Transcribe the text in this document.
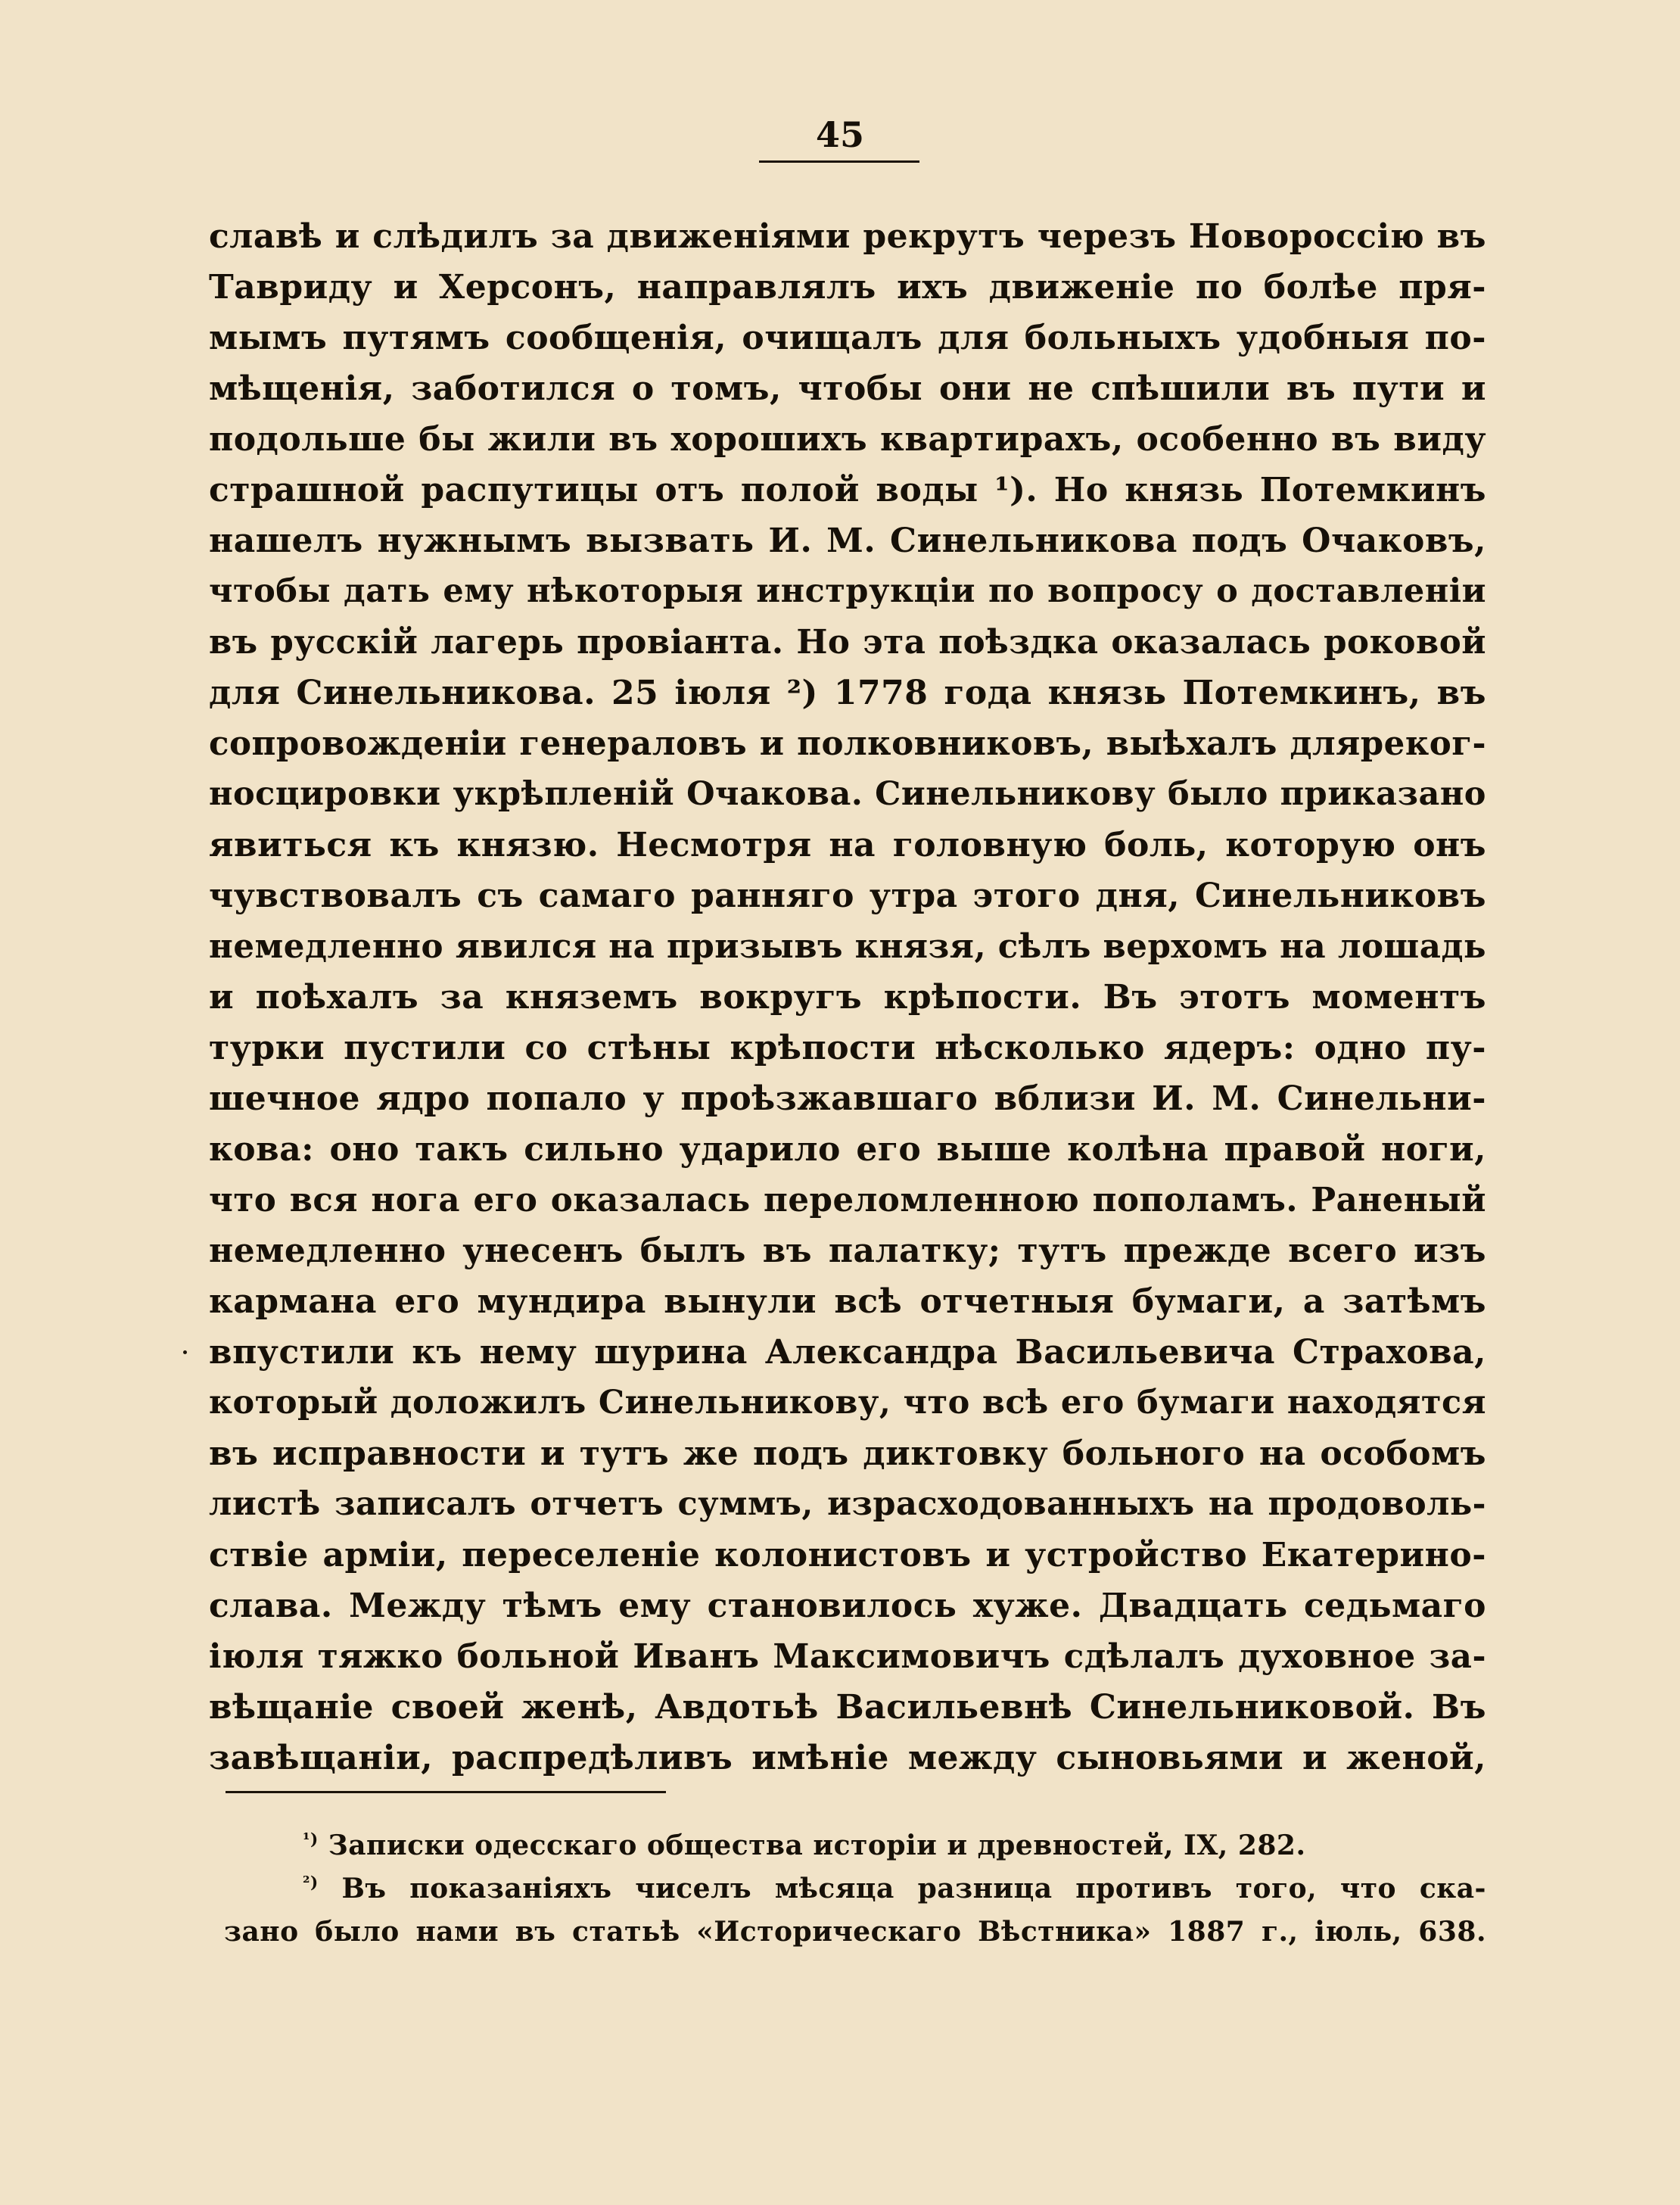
45
славѣ и слѣдилъ за движеніями рекрутъ черезъ Новороссію въ
Тавриду и Херсонъ, направлялъ ихъ движеніе по болѣе пря-
мымъ путямъ сообщенія, очищалъ для больныхъ удобныя по-
мѣщенія, заботился о томъ, чтобы они не спѣшили въ пути и
подольше бы жили въ хорошихъ квартирахъ, особенно въ виду
страшной распутицы отъ полой воды ¹). Но князь Потемкинъ
нашелъ нужнымъ вызвать И. М. Синельникова подъ Очаковъ,
чтобы дать ему нѣкоторыя инструкціи по вопросу о доставленіи
въ русскій лагерь провіанта. Но эта поѣздка оказалась роковой
для Синельникова. 25 іюля ²) 1778 года князь Потемкинъ, въ
сопровожденіи генераловъ и полковниковъ, выѣхалъ дляреког-
носцировки укрѣпленій Очакова. Синельникову было приказано
явиться къ князю. Несмотря на головную боль, которую онъ
чувствовалъ съ самаго ранняго утра этого дня, Синельниковъ
немедленно явился на призывъ князя, сѣлъ верхомъ на лошадь
и поѣхалъ за княземъ вокругъ крѣпости. Въ этотъ моментъ
турки пустили со стѣны крѣпости нѣсколько ядеръ: одно пу-
шечное ядро попало у проѣзжавшаго вблизи И. М. Синельни-
кова: оно такъ сильно ударило его выше колѣна правой ноги,
что вся нога его оказалась переломленною пополамъ. Раненый
немедленно унесенъ былъ въ палатку; тутъ прежде всего изъ
кармана его мундира вынули всѣ отчетныя бумаги, а затѣмъ
впустили къ нему шурина Александра Васильевича Страхова,
который доложилъ Синельникову, что всѣ его бумаги находятся
въ исправности и тутъ же подъ диктовку больного на особомъ
листѣ записалъ отчетъ суммъ, израсходованныхъ на продоволь-
ствіе арміи, переселеніе колонистовъ и устройство Екатерино-
слава. Между тѣмъ ему становилось хуже. Двадцать седьмаго
іюля тяжко больной Иванъ Максимовичъ сдѣлалъ духовное за-
вѣщаніе своей женѣ, Авдотьѣ Васильевнѣ Синельниковой. Въ
завѣщаніи, распредѣливъ имѣніе между сыновьями и женой,
$^{^1)}$ Записки одесскаго общества исторіи и древностей, IX, 282.
$^{^2)}$ Въ показаніяхъ чиселъ мѣсяца разница противъ того, что ска-
зано было нами въ статьѣ «Историческаго Вѣстника» 1887 г., іюль, 638.
